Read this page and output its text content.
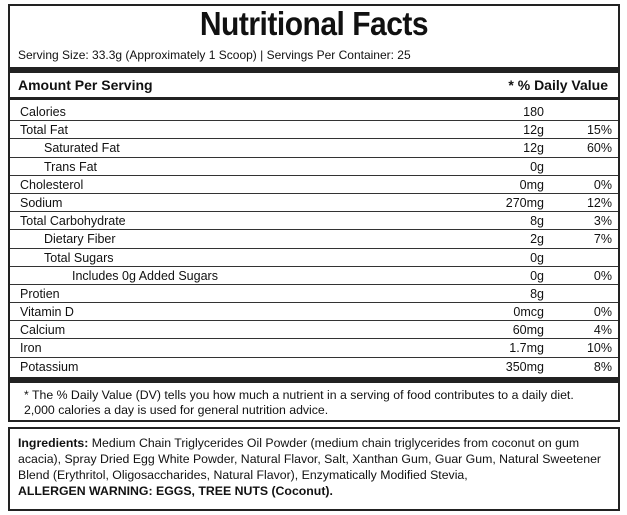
Nutritional Facts
Serving Size: 33.3g (Approximately 1 Scoop) | Servings Per Container: 25
Amount Per Serving	* % Daily Value
Calories	180
Total Fat	12g	15%
Saturated Fat	12g	60%
Trans Fat	0g
Cholesterol	0mg	0%
Sodium	270mg	12%
Total Carbohydrate	8g	3%
Dietary Fiber	2g	7%
Total Sugars	0g
Includes 0g Added Sugars	0g	0%
Protien	8g
Vitamin D	0mcg	0%
Calcium	60mg	4%
Iron	1.7mg	10%
Potassium	350mg	8%
* The % Daily Value (DV) tells you how much a nutrient in a serving of food contributes to a daily diet. 2,000 calories a day is used for general nutrition advice.
Ingredients: Medium Chain Triglycerides Oil Powder (medium chain triglycerides from coconut on gum acacia), Spray Dried Egg White Powder, Natural Flavor, Salt, Xanthan Gum, Guar Gum, Natural Sweetener Blend (Erythritol, Oligosaccharides, Natural Flavor), Enzymatically Modified Stevia,
ALLERGEN WARNING: EGGS, TREE NUTS (Coconut).
